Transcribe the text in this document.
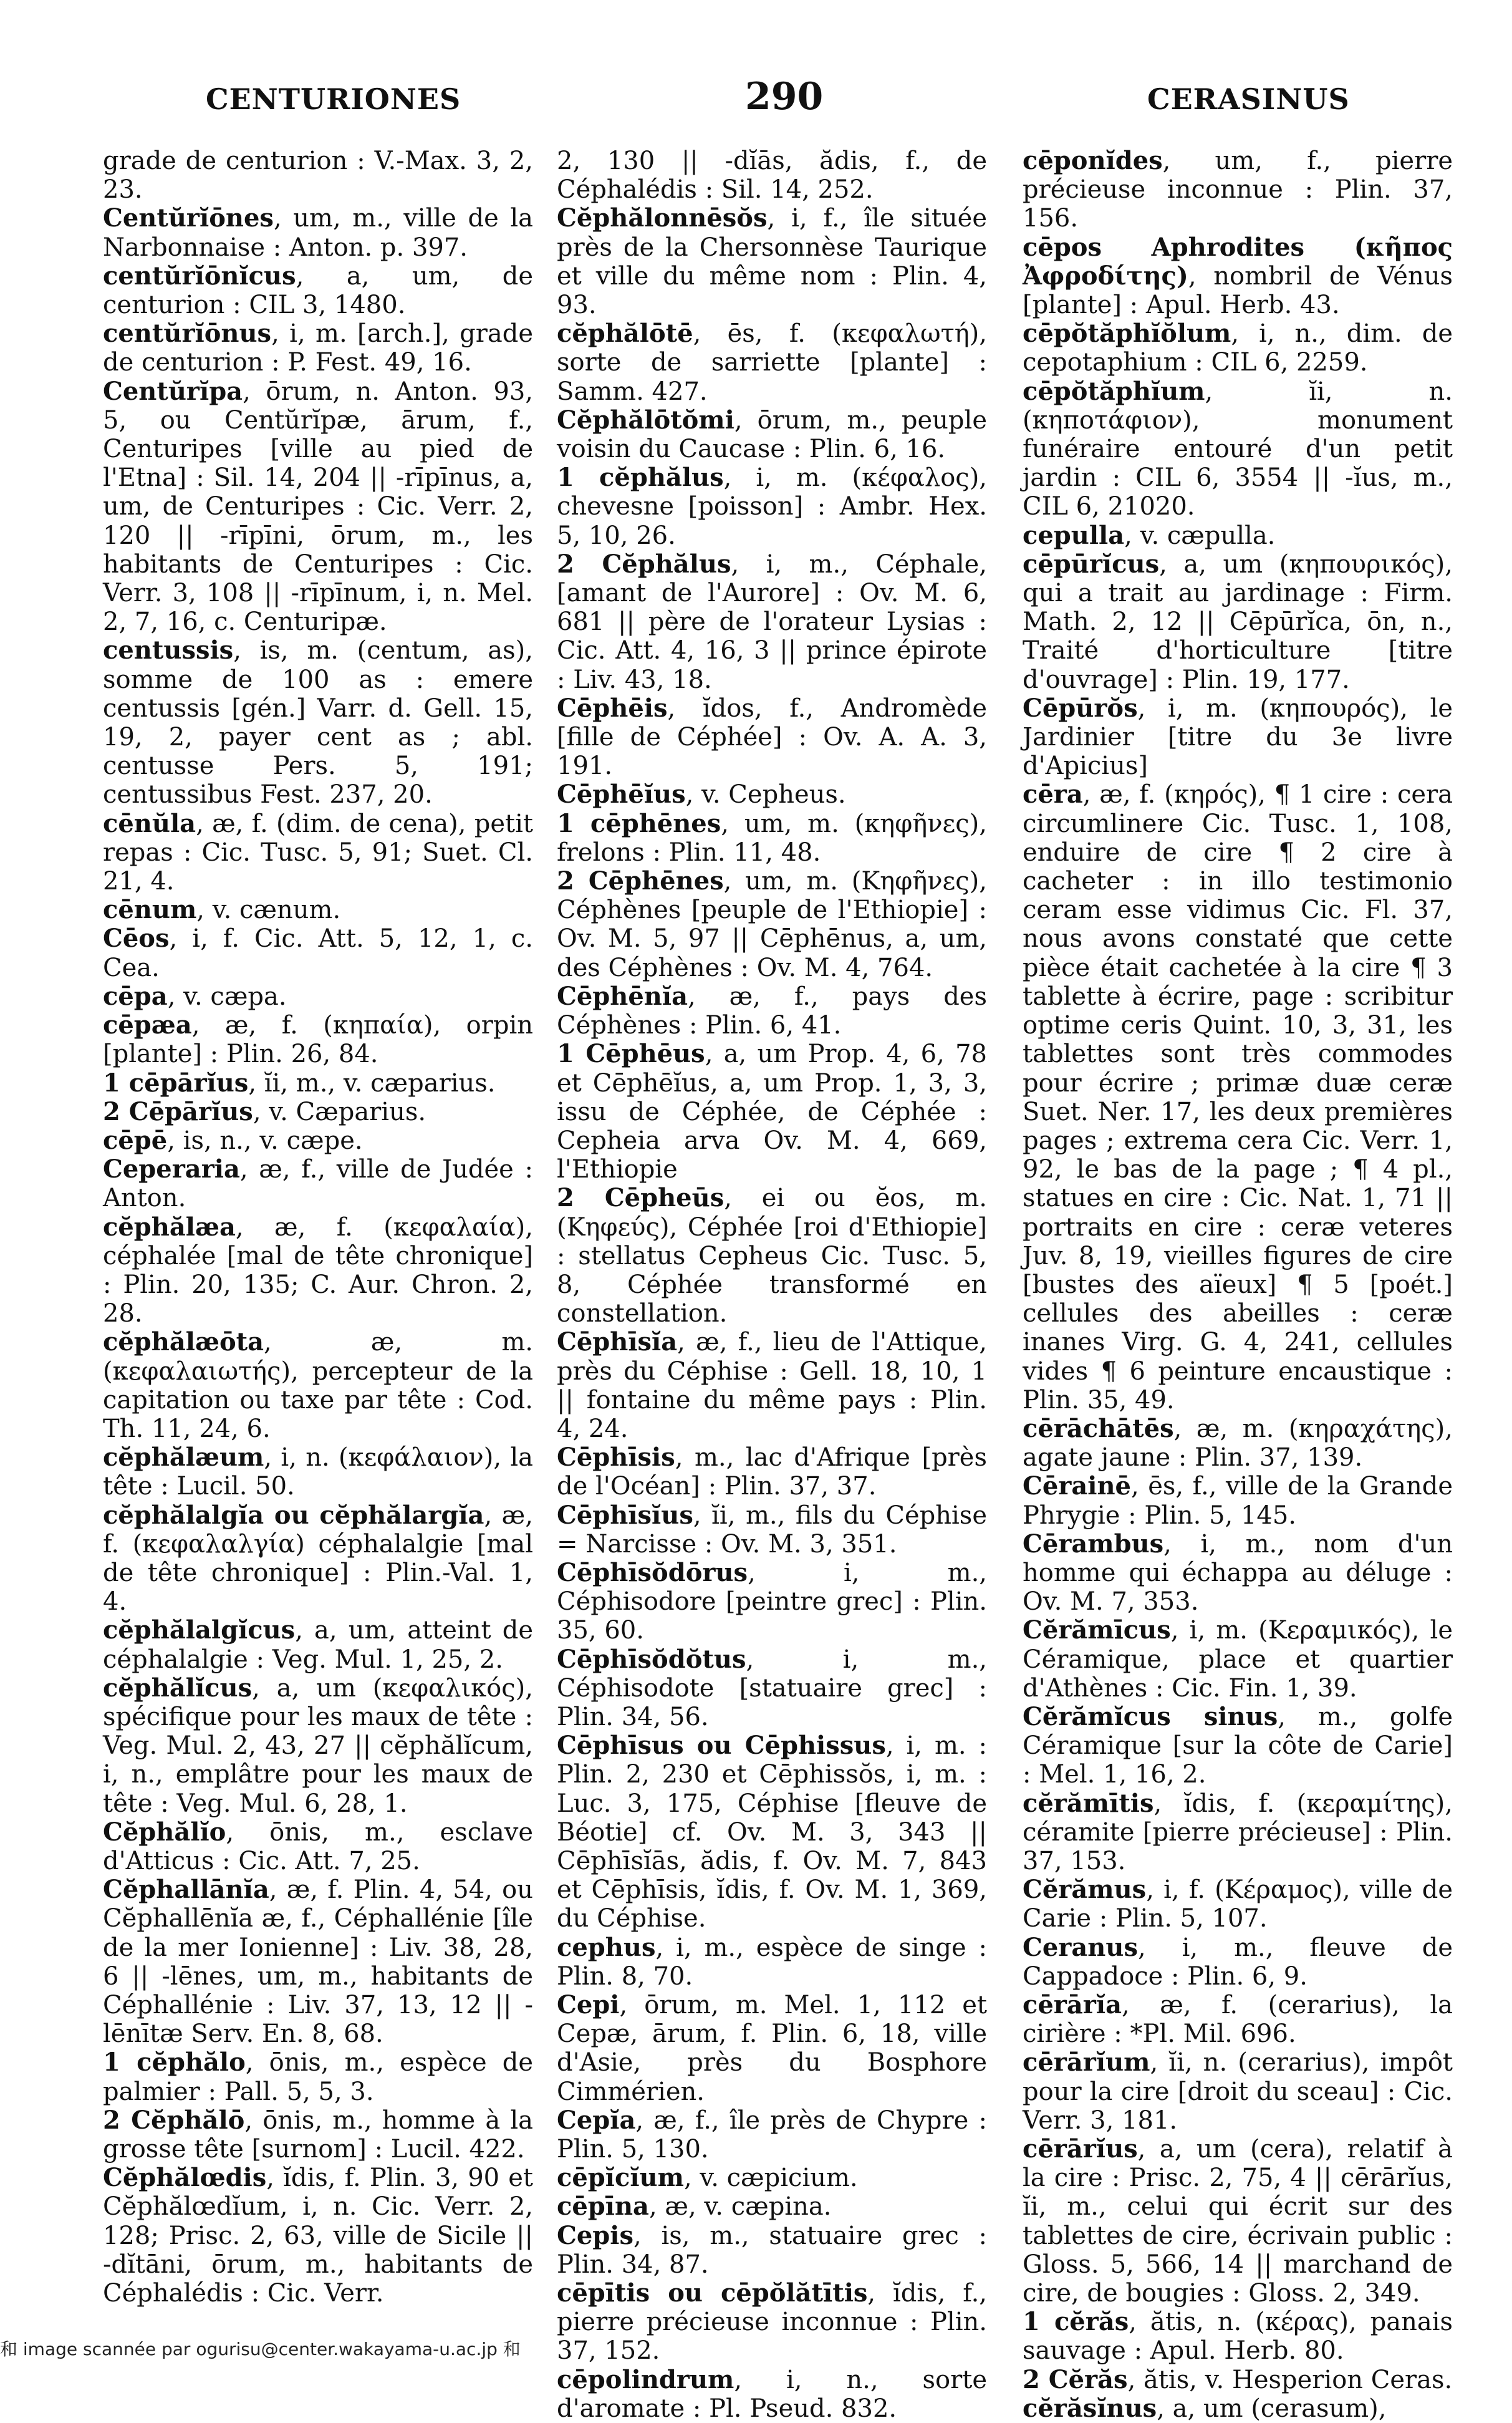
CENTURIONES	290	CERASINUS
grade de centurion : V.-Max. 3, 2, 23.
Centŭrĭōnes, um, m., ville de la Narbonnaise : Anton. p. 397.
centŭrĭōnĭcus, a, um, de centurion : CIL 3, 1480.
centŭrĭōnus, i, m. [arch.], grade de centurion : P. Fest. 49, 16.
Centŭrĭpa, ōrum, n. Anton. 93, 5, ou Centŭrĭpæ, ārum, f., Centuripes [ville au pied de l'Etna] : Sil. 14, 204 || -rīpīnus, a, um, de Centuripes : Cic. Verr. 2, 120 || -rīpīni, ōrum, m., les habitants de Centuripes : Cic. Verr. 3, 108 || -rīpīnum, i, n. Mel. 2, 7, 16, c. Centuripæ.
centussis, is, m. (centum, as), somme de 100 as : emere centussis [gén.] Varr. d. Gell. 15, 19, 2, payer cent as ; abl. centusse Pers. 5, 191; centussibus Fest. 237, 20.
cēnŭla, æ, f. (dim. de cena), petit repas : Cic. Tusc. 5, 91; Suet. Cl. 21, 4.
cēnum, v. cænum.
Cēos, i, f. Cic. Att. 5, 12, 1, c. Cea.
cēpa, v. cæpa.
cēpæa, æ, f. (κηπαία), orpin [plante] : Plin. 26, 84.
1 cēpārĭus, ĭi, m., v. cæparius.
2 Cēpārĭus, v. Cæparius.
cēpē, is, n., v. cæpe.
Ceperaria, æ, f., ville de Judée : Anton.
cĕphălæa, æ, f. (κεφαλαία), céphalée [mal de tête chronique] : Plin. 20, 135; C. Aur. Chron. 2, 28.
cĕphălæōta, æ, m. (κεφαλαιωτής), percepteur de la capitation ou taxe par tête : Cod. Th. 11, 24, 6.
cĕphălæum, i, n. (κεφάλαιον), la tête : Lucil. 50.
cĕphălalgĭa ou cĕphălargĭa, æ, f. (κεφαλαλγία) céphalalgie [mal de tête chronique] : Plin.-Val. 1, 4.
cĕphălalgĭcus, a, um, atteint de céphalalgie : Veg. Mul. 1, 25, 2.
cĕphălĭcus, a, um (κεφαλικός), spécifique pour les maux de tête : Veg. Mul. 2, 43, 27 || cĕphălĭcum, i, n., emplâtre pour les maux de tête : Veg. Mul. 6, 28, 1.
Cĕphălĭo, ōnis, m., esclave d'Atticus : Cic. Att. 7, 25.
Cĕphallānĭa, æ, f. Plin. 4, 54, ou Cĕphallēnĭa æ, f., Céphallénie [île de la mer Ionienne] : Liv. 38, 28, 6 || -lēnes, um, m., habitants de Céphallénie : Liv. 37, 13, 12 || -lēnītæ Serv. En. 8, 68.
1 cĕphălo, ōnis, m., espèce de palmier : Pall. 5, 5, 3.
2 Cĕphălō, ōnis, m., homme à la grosse tête [surnom] : Lucil. 422.
Cĕphălœdis, ĭdis, f. Plin. 3, 90 et Cĕphălœdĭum, i, n. Cic. Verr. 2, 128; Prisc. 2, 63, ville de Sicile || -dĭtāni, ōrum, m., habitants de Céphalédis : Cic. Verr.
2, 130 || -dĭās, ădis, f., de Céphalédis : Sil. 14, 252.
Cĕphălonnēsŏs, i, f., île située près de la Chersonnèse Taurique et ville du même nom : Plin. 4, 93.
cĕphălōtē, ēs, f. (κεφαλωτή), sorte de sarriette [plante] : Samm. 427.
Cĕphălōtŏmi, ōrum, m., peuple voisin du Caucase : Plin. 6, 16.
1 cĕphălus, i, m. (κέφαλος), chevesne [poisson] : Ambr. Hex. 5, 10, 26.
2 Cĕphălus, i, m., Céphale, [amant de l'Aurore] : Ov. M. 6, 681 || père de l'orateur Lysias : Cic. Att. 4, 16, 3 || prince épirote : Liv. 43, 18.
Cēphēis, ĭdos, f., Andromède [fille de Céphée] : Ov. A. A. 3, 191.
Cēphēĭus, v. Cepheus.
1 cēphēnes, um, m. (κηφῆνες), frelons : Plin. 11, 48.
2 Cēphēnes, um, m. (Κηφῆνες), Céphènes [peuple de l'Ethiopie] : Ov. M. 5, 97 || Cēphēnus, a, um, des Céphènes : Ov. M. 4, 764.
Cēphēnĭa, æ, f., pays des Céphènes : Plin. 6, 41.
1 Cēphēus, a, um Prop. 4, 6, 78 et Cēphēĭus, a, um Prop. 1, 3, 3, issu de Céphée, de Céphée : Cepheia arva Ov. M. 4, 669, l'Ethiopie
2 Cēpheūs, ei ou ĕos, m. (Κηφεύς), Céphée [roi d'Ethiopie] : stellatus Cepheus Cic. Tusc. 5, 8, Céphée transformé en constellation.
Cēphīsĭa, æ, f., lieu de l'Attique, près du Céphise : Gell. 18, 10, 1 || fontaine du même pays : Plin. 4, 24.
Cēphīsis, m., lac d'Afrique [près de l'Océan] : Plin. 37, 37.
Cēphīsĭus, ĭi, m., fils du Céphise = Narcisse : Ov. M. 3, 351.
Cēphīsŏdōrus, i, m., Céphisodore [peintre grec] : Plin. 35, 60.
Cēphīsŏdŏtus, i, m., Céphisodote [statuaire grec] : Plin. 34, 56.
Cēphīsus ou Cēphissus, i, m. : Plin. 2, 230 et Cēphissŏs, i, m. : Luc. 3, 175, Céphise [fleuve de Béotie] cf. Ov. M. 3, 343 || Cēphīsĭās, ădis, f. Ov. M. 7, 843 et Cēphīsis, ĭdis, f. Ov. M. 1, 369, du Céphise.
cephus, i, m., espèce de singe : Plin. 8, 70.
Cepi, ōrum, m. Mel. 1, 112 et Cepæ, ārum, f. Plin. 6, 18, ville d'Asie, près du Bosphore Cimmérien.
Cepĭa, æ, f., île près de Chypre : Plin. 5, 130.
cēpĭcĭum, v. cæpicium.
cēpīna, æ, v. cæpina.
Cepis, is, m., statuaire grec : Plin. 34, 87.
cēpītis ou cēpŏlătītis, ĭdis, f., pierre précieuse inconnue : Plin. 37, 152.
cēpolindrum, i, n., sorte d'aromate : Pl. Pseud. 832.
cēponĭdes, um, f., pierre précieuse inconnue : Plin. 37, 156.
cēpos Aphrodites (κῆπος Ἀφροδίτης), nombril de Vénus [plante] : Apul. Herb. 43.
cēpŏtăphĭŏlum, i, n., dim. de cepotaphium : CIL 6, 2259.
cēpŏtăphĭum, ĭi, n. (κηποτάφιον), monument funéraire entouré d'un petit jardin : CIL 6, 3554 || -ĭus, m., CIL 6, 21020.
cepulla, v. cæpulla.
cēpūrĭcus, a, um (κηπουρικός), qui a trait au jardinage : Firm. Math. 2, 12 || Cēpūrĭca, ōn, n., Traité d'horticulture [titre d'ouvrage] : Plin. 19, 177.
Cēpūrŏs, i, m. (κηπουρός), le Jardinier [titre du 3e livre d'Apicius]
cēra, æ, f. (κηρός), ¶ 1 cire : cera circumlinere Cic. Tusc. 1, 108, enduire de cire ¶ 2 cire à cacheter : in illo testimonio ceram esse vidimus Cic. Fl. 37, nous avons constaté que cette pièce était cachetée à la cire ¶ 3 tablette à écrire, page : scribitur optime ceris Quint. 10, 3, 31, les tablettes sont très commodes pour écrire ; primæ duæ ceræ Suet. Ner. 17, les deux premières pages ; extrema cera Cic. Verr. 1, 92, le bas de la page ; ¶ 4 pl., statues en cire : Cic. Nat. 1, 71 || portraits en cire : ceræ veteres Juv. 8, 19, vieilles figures de cire [bustes des aïeux] ¶ 5 [poét.] cellules des abeilles : ceræ inanes Virg. G. 4, 241, cellules vides ¶ 6 peinture encaustique : Plin. 35, 49.
cērāchātēs, æ, m. (κηραχάτης), agate jaune : Plin. 37, 139.
Cērainē, ēs, f., ville de la Grande Phrygie : Plin. 5, 145.
Cērambus, i, m., nom d'un homme qui échappa au déluge : Ov. M. 7, 353.
Cĕrămīcus, i, m. (Κεραμικός), le Céramique, place et quartier d'Athènes : Cic. Fin. 1, 39.
Cĕrămĭcus sinus, m., golfe Céramique [sur la côte de Carie] : Mel. 1, 16, 2.
cĕrămītis, ĭdis, f. (κεραμίτης), céramite [pierre précieuse] : Plin. 37, 153.
Cĕrămus, i, f. (Κέραμος), ville de Carie : Plin. 5, 107.
Ceranus, i, m., fleuve de Cappadoce : Plin. 6, 9.
cērārĭa, æ, f. (cerarius), la cirière : *Pl. Mil. 696.
cērārĭum, ĭi, n. (cerarius), impôt pour la cire [droit du sceau] : Cic. Verr. 3, 181.
cērārĭus, a, um (cera), relatif à la cire : Prisc. 2, 75, 4 || cērārĭus, ĭi, m., celui qui écrit sur des tablettes de cire, écrivain public : Gloss. 5, 566, 14 || marchand de cire, de bougies : Gloss. 2, 349.
1 cĕrăs, ătis, n. (κέρας), panais sauvage : Apul. Herb. 80.
2 Cĕrăs, ătis, v. Hesperion Ceras.
cĕrăsĭnus, a, um (cerasum),
和 image scannée par ogurisu@center.wakayama-u.ac.jp 和
